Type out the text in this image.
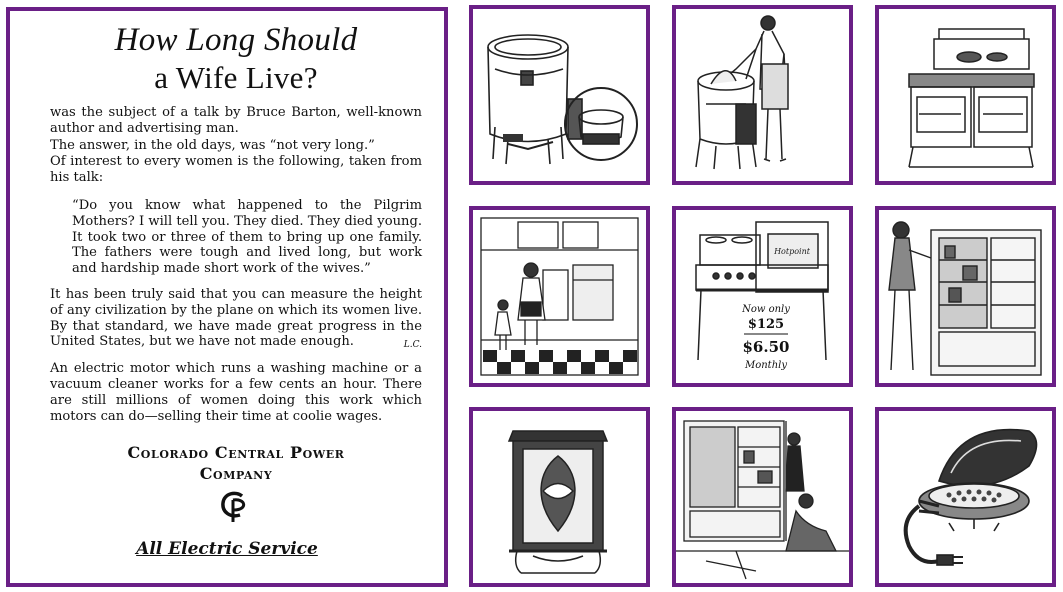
How Long Should

a Wife Live?

was the subject of a talk by Bruce Barton, well-known author and advertising man.

The answer, in the old days, was “not very long.”

Of interest to every women is the following, taken from his talk:

“Do you know what happened to the Pilgrim Mothers? I will tell you. They died. They died young. It took two or three of them to bring up one family. The fathers were tough and lived long, but work and hardship made short work of the wives.”

It has been truly said that you can measure the height of any civilization by the plane on which its women live. By that standard, we have made great progress in the United States, but we have not made enough.	L.C.

An electric motor which runs a washing machine or a vacuum cleaner works for a few cents an hour. There are still millions of women doing this work which motors can do—selling their time at coolie wages.

Colorado Central Power
Company
All Electric Service
Hotpoint
Now only
$125
$6.50
Monthly
